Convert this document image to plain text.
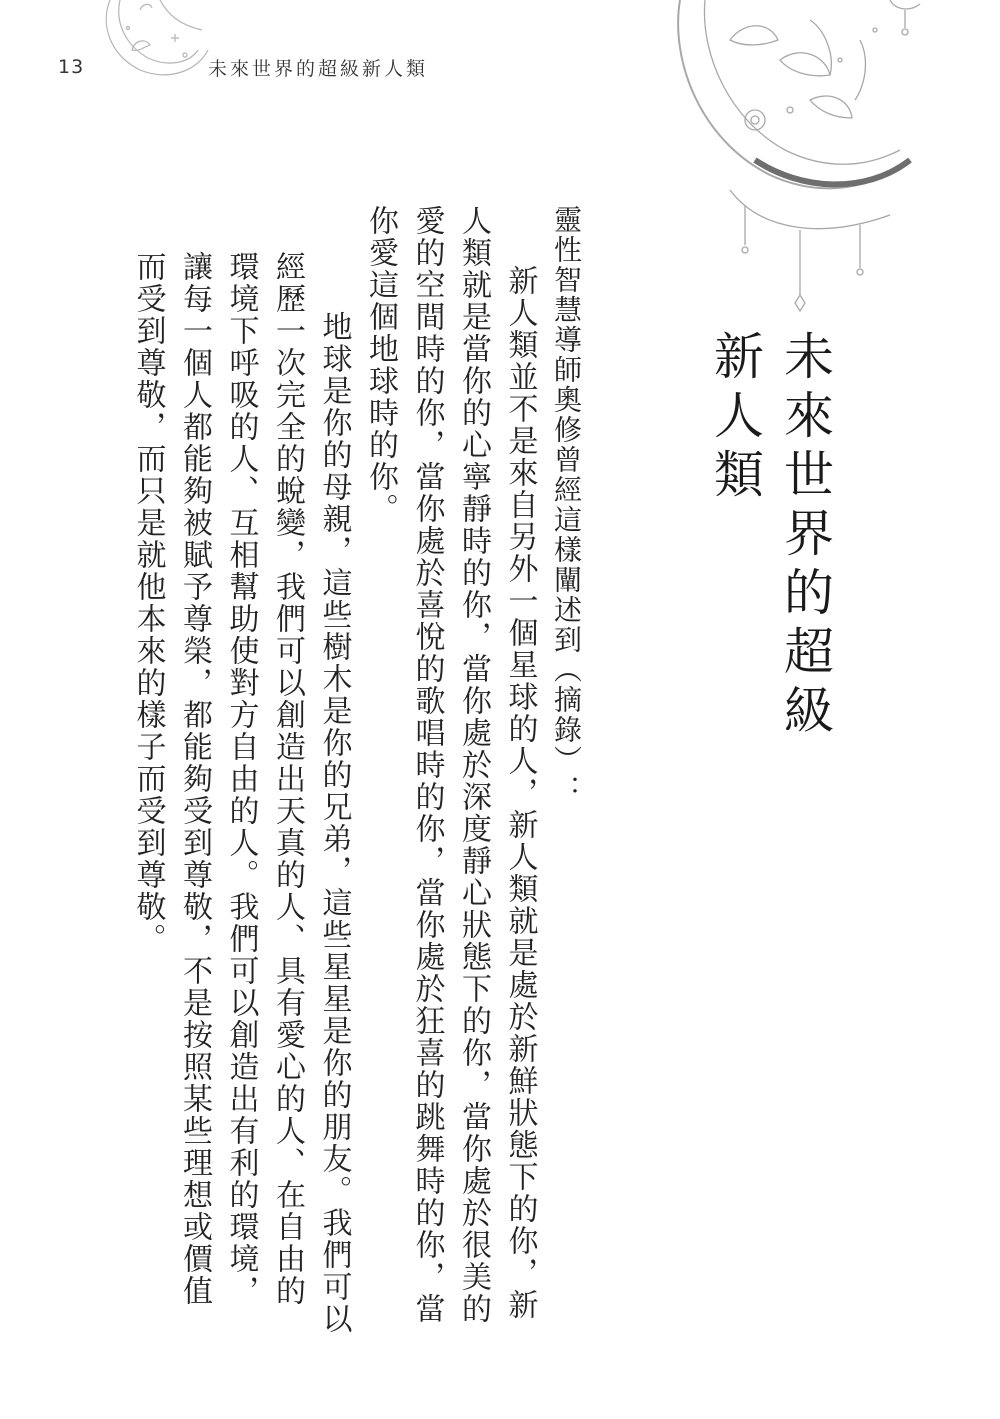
13	未來世界的超級新人類
未來世界的超級新人類

靈性智慧導師奧修曾經這樣闡述到（摘錄）：

新人類並不是來自另外一個星球的人，新人類就是處於新鮮狀態下的你，新人類就是當你的心寧靜時的你，當你處於深度靜心狀態下的你，當你處於很美的愛的空間時的你，當你處於喜悅的歌唱時的你，當你處於狂喜的跳舞時的你，當你愛這個地球時的你。

地球是你的母親，這些樹木是你的兄弟，這些星星是你的朋友。我們可以經歷一次完全的蛻變，我們可以創造出天真的人、具有愛心的人、在自由的環境下呼吸的人、互相幫助使對方自由的人。我們可以創造出有利的環境，讓每一個人都能夠被賦予尊榮，都能夠受到尊敬，不是按照某些理想或價值而受到尊敬，而只是就他本來的樣子而受到尊敬。
